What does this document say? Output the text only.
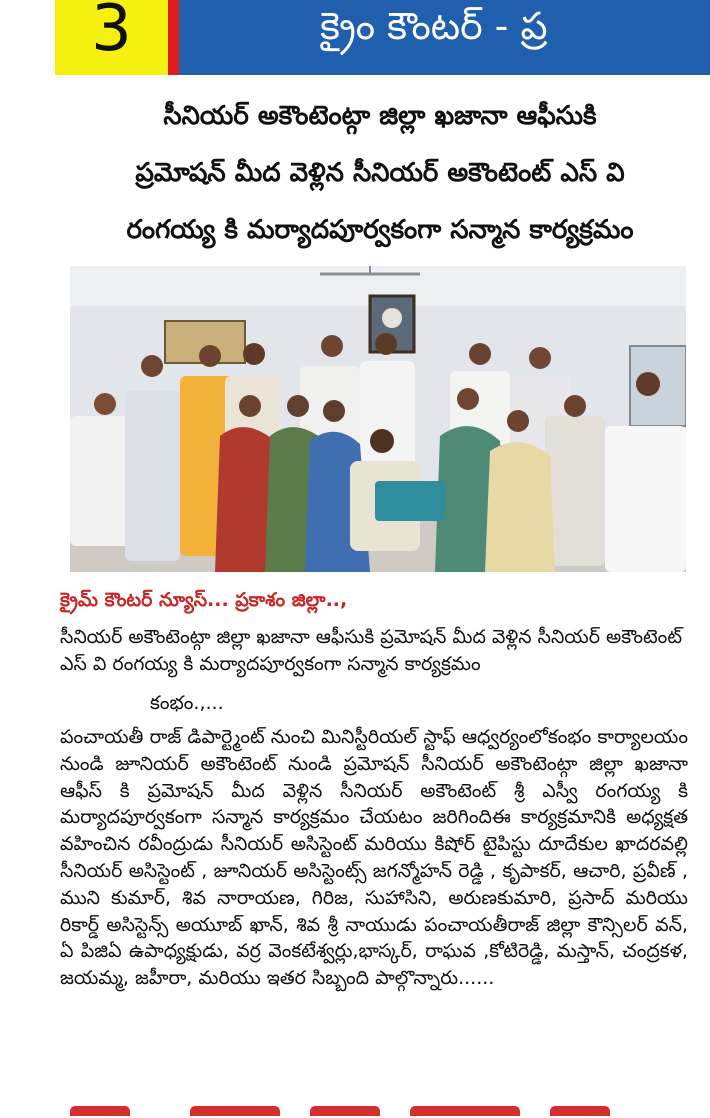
3	క్రైం కౌంటర్ - ప్ర
సీనియర్ అకౌంటెంట్గా జిల్లా ఖజానా ఆఫీసుకి
ప్రమోషన్ మీద వెళ్లిన సీనియర్ అకౌంటెంట్ ఎస్ వి
రంగయ్య కి మర్యాదపూర్వకంగా సన్మాన కార్యక్రమం
క్రైమ్ కౌంటర్ న్యూస్... ప్రకాశం జిల్లా..,
సీనియర్ అకౌంటెంట్గా జిల్లా ఖజానా ఆఫీసుకి ప్రమోషన్ మీద వెళ్లిన సీనియర్ అకౌంటెంట్ ఎస్ వి రంగయ్య కి మర్యాదపూర్వకంగా సన్మాన కార్యక్రమం
కంభం.,...
పంచాయతీ రాజ్ డిపార్ట్మెంట్ నుంచి మినిస్టీరియల్ స్టాఫ్ ఆధ్వర్యంలోకంభం కార్యాలయం నుండి జూనియర్ అకౌంటెంట్ నుండి ప్రమోషన్ సీనియర్ అకౌంటెంట్గా జిల్లా ఖజానా ఆఫీస్ కి ప్రమోషన్ మీద వెళ్లిన సీనియర్ అకౌంటెంట్ శ్రీ ఎస్వీ రంగయ్య కి మర్యాదపూర్వకంగా సన్మాన కార్యక్రమం చేయటం జరిగిందిఈ కార్యక్రమానికి అధ్యక్షత వహించిన రవీంద్రుడు సీనియర్ అసిస్టెంట్ మరియు కిషోర్ టైపిస్టు దూదేకుల ఖాదరవల్లి సీనియర్ అసిస్టెంట్ , జూనియర్ అసిస్టెంట్స్ జగన్మోహన్ రెడ్డి , కృపాకర్, ఆచారి, ప్రవీణ్ , ముని కుమార్, శివ నారాయణ, గిరిజ, సుహాసిని, అరుణకుమారి, ప్రసాద్ మరియు రికార్డ్ అసిస్టెన్స్ అయూబ్ ఖాన్, శివ శ్రీ నాయుడు పంచాయతీరాజ్ జిల్లా కౌన్సిలర్ వన్, ఏ పిజిఏ ఉపాధ్యక్షుడు, వర్ర వెంకటేశ్వర్లు,భాస్కర్, రాఘవ ,కోటిరెడ్డి, మస్తాన్, చంద్రకళ, జయమ్మ, జహీరా, మరియు ఇతర సిబ్బంది పాల్గొన్నారు......
